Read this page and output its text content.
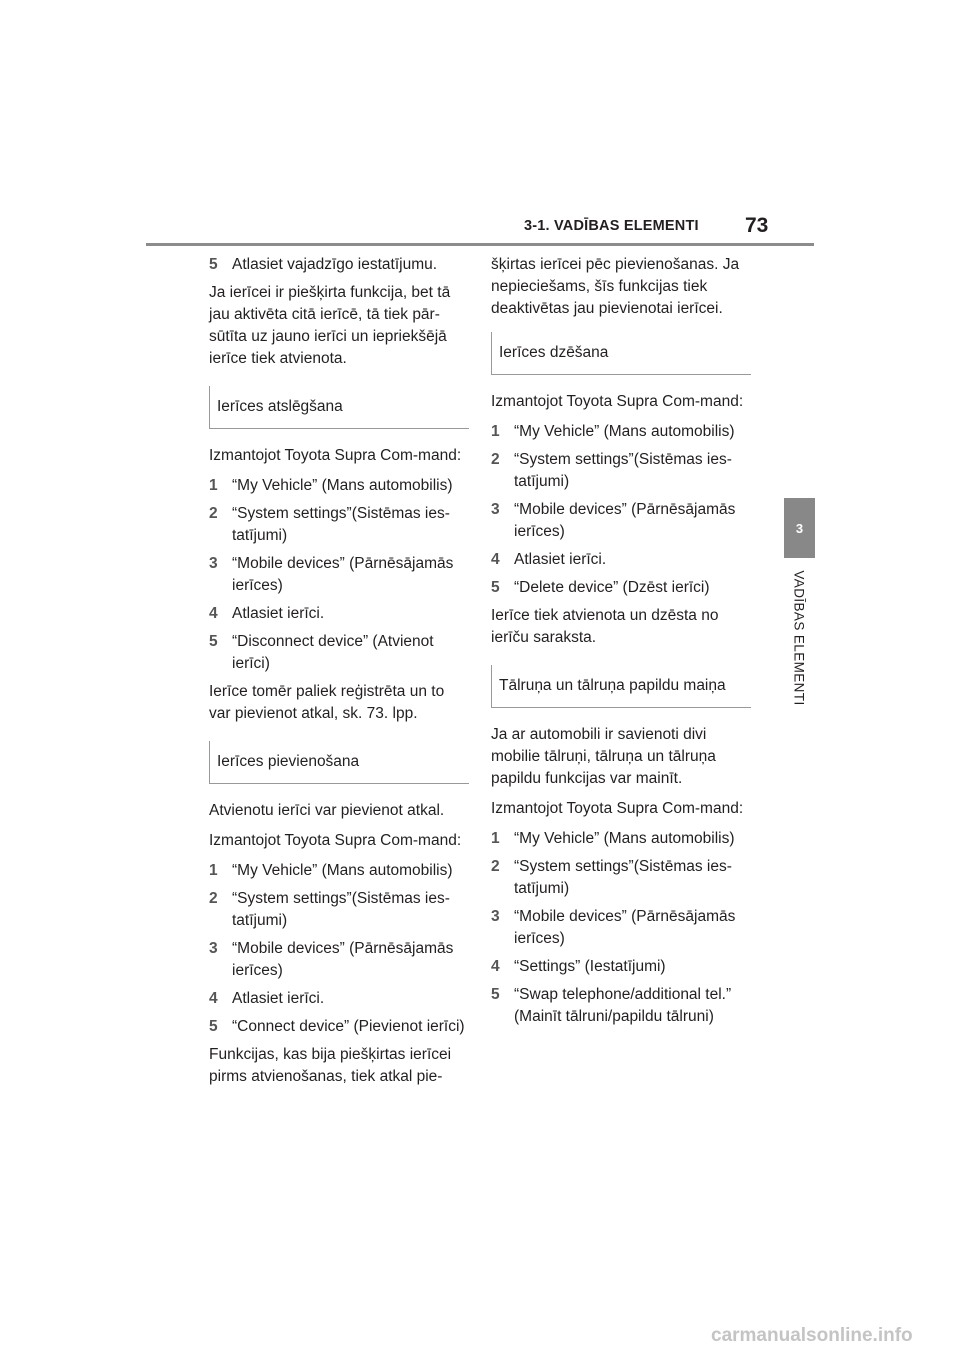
3-1. VADĪBAS ELEMENTI 73
3
VADĪBAS ELEMENTI
5 Atlasiet vajadzīgo iestatījumu.

Ja ierīcei ir piešķirta funkcija, bet tā jau aktivēta citā ierīcē, tā tiek pār-sūtīta uz jauno ierīci un iepriekšējā ierīce tiek atvienota.

Ierīces atslēgšana

Izmantojot Toyota Supra Com-mand:

1 “My Vehicle” (Mans automobilis)
2 “System settings”(Sistēmas ies-tatījumi)
3 “Mobile devices” (Pārnēsājamās ierīces)
4 Atlasiet ierīci.
5 “Disconnect device” (Atvienot ierīci)

Ierīce tomēr paliek reģistrēta un to var pievienot atkal, sk. 73. lpp.

Ierīces pievienošana

Atvienotu ierīci var pievienot atkal.

Izmantojot Toyota Supra Com-mand:

1 “My Vehicle” (Mans automobilis)
2 “System settings”(Sistēmas ies-tatījumi)
3 “Mobile devices” (Pārnēsājamās ierīces)
4 Atlasiet ierīci.
5 “Connect device” (Pievienot ierīci)

Funkcijas, kas bija piešķirtas ierīcei pirms atvienošanas, tiek atkal pie-

šķirtas ierīcei pēc pievienošanas. Ja nepieciešams, šīs funkcijas tiek deaktivētas jau pievienotai ierīcei.

Ierīces dzēšana

Izmantojot Toyota Supra Com-mand:

1 “My Vehicle” (Mans automobilis)
2 “System settings”(Sistēmas ies-tatījumi)
3 “Mobile devices” (Pārnēsājamās ierīces)
4 Atlasiet ierīci.
5 “Delete device” (Dzēst ierīci)

Ierīce tiek atvienota un dzēsta no ierīču saraksta.

Tālruņa un tālruņa papildu maiņa

Ja ar automobili ir savienoti divi mobilie tālruņi, tālruņa un tālruņa papildu funkcijas var mainīt.

Izmantojot Toyota Supra Com-mand:

1 “My Vehicle” (Mans automobilis)
2 “System settings”(Sistēmas ies-tatījumi)
3 “Mobile devices” (Pārnēsājamās ierīces)
4 “Settings” (Iestatījumi)
5 “Swap telephone/additional tel.” (Mainīt tālruni/papildu tālruni)
carmanualsonline.info
